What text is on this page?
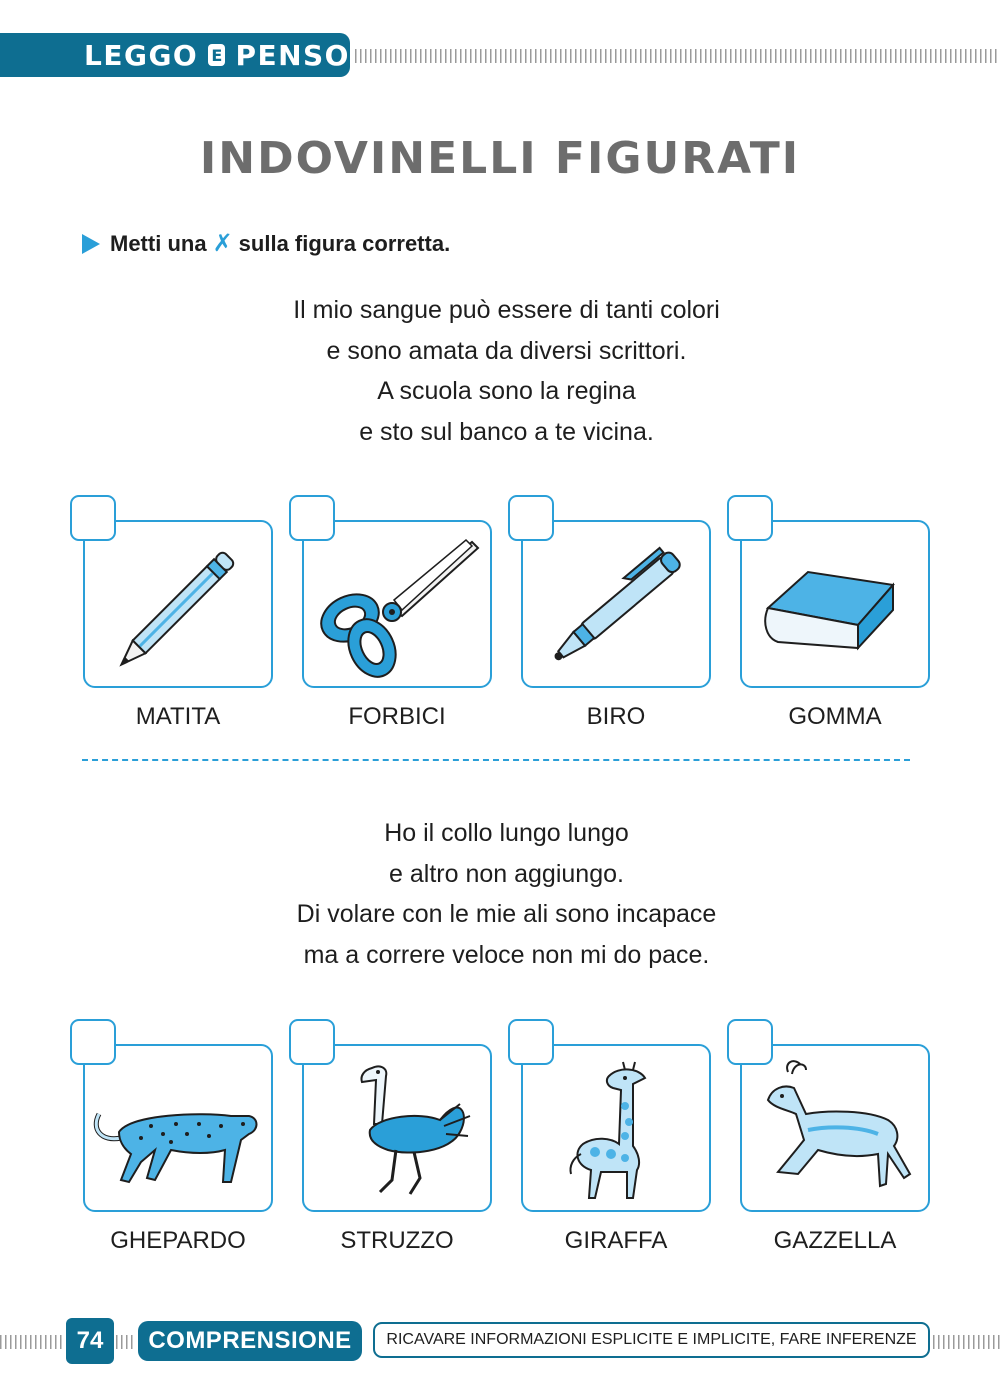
LEGGO E PENSO
INDOVINELLI FIGURATI
Metti una ✗ sulla figura corretta.
Il mio sangue può essere di tanti colori
e sono amata da diversi scrittori.
A scuola sono la regina
e sto sul banco a te vicina.
MATITA	FORBICI	BIRO	GOMMA
Ho il collo lungo lungo
e altro non aggiungo.
Di volare con le mie ali sono incapace
ma a correre veloce non mi do pace.
GHEPARDO	STRUZZO	GIRAFFA	GAZZELLA
74	COMPRENSIONE	RICAVARE INFORMAZIONI ESPLICITE E IMPLICITE, FARE INFERENZE
